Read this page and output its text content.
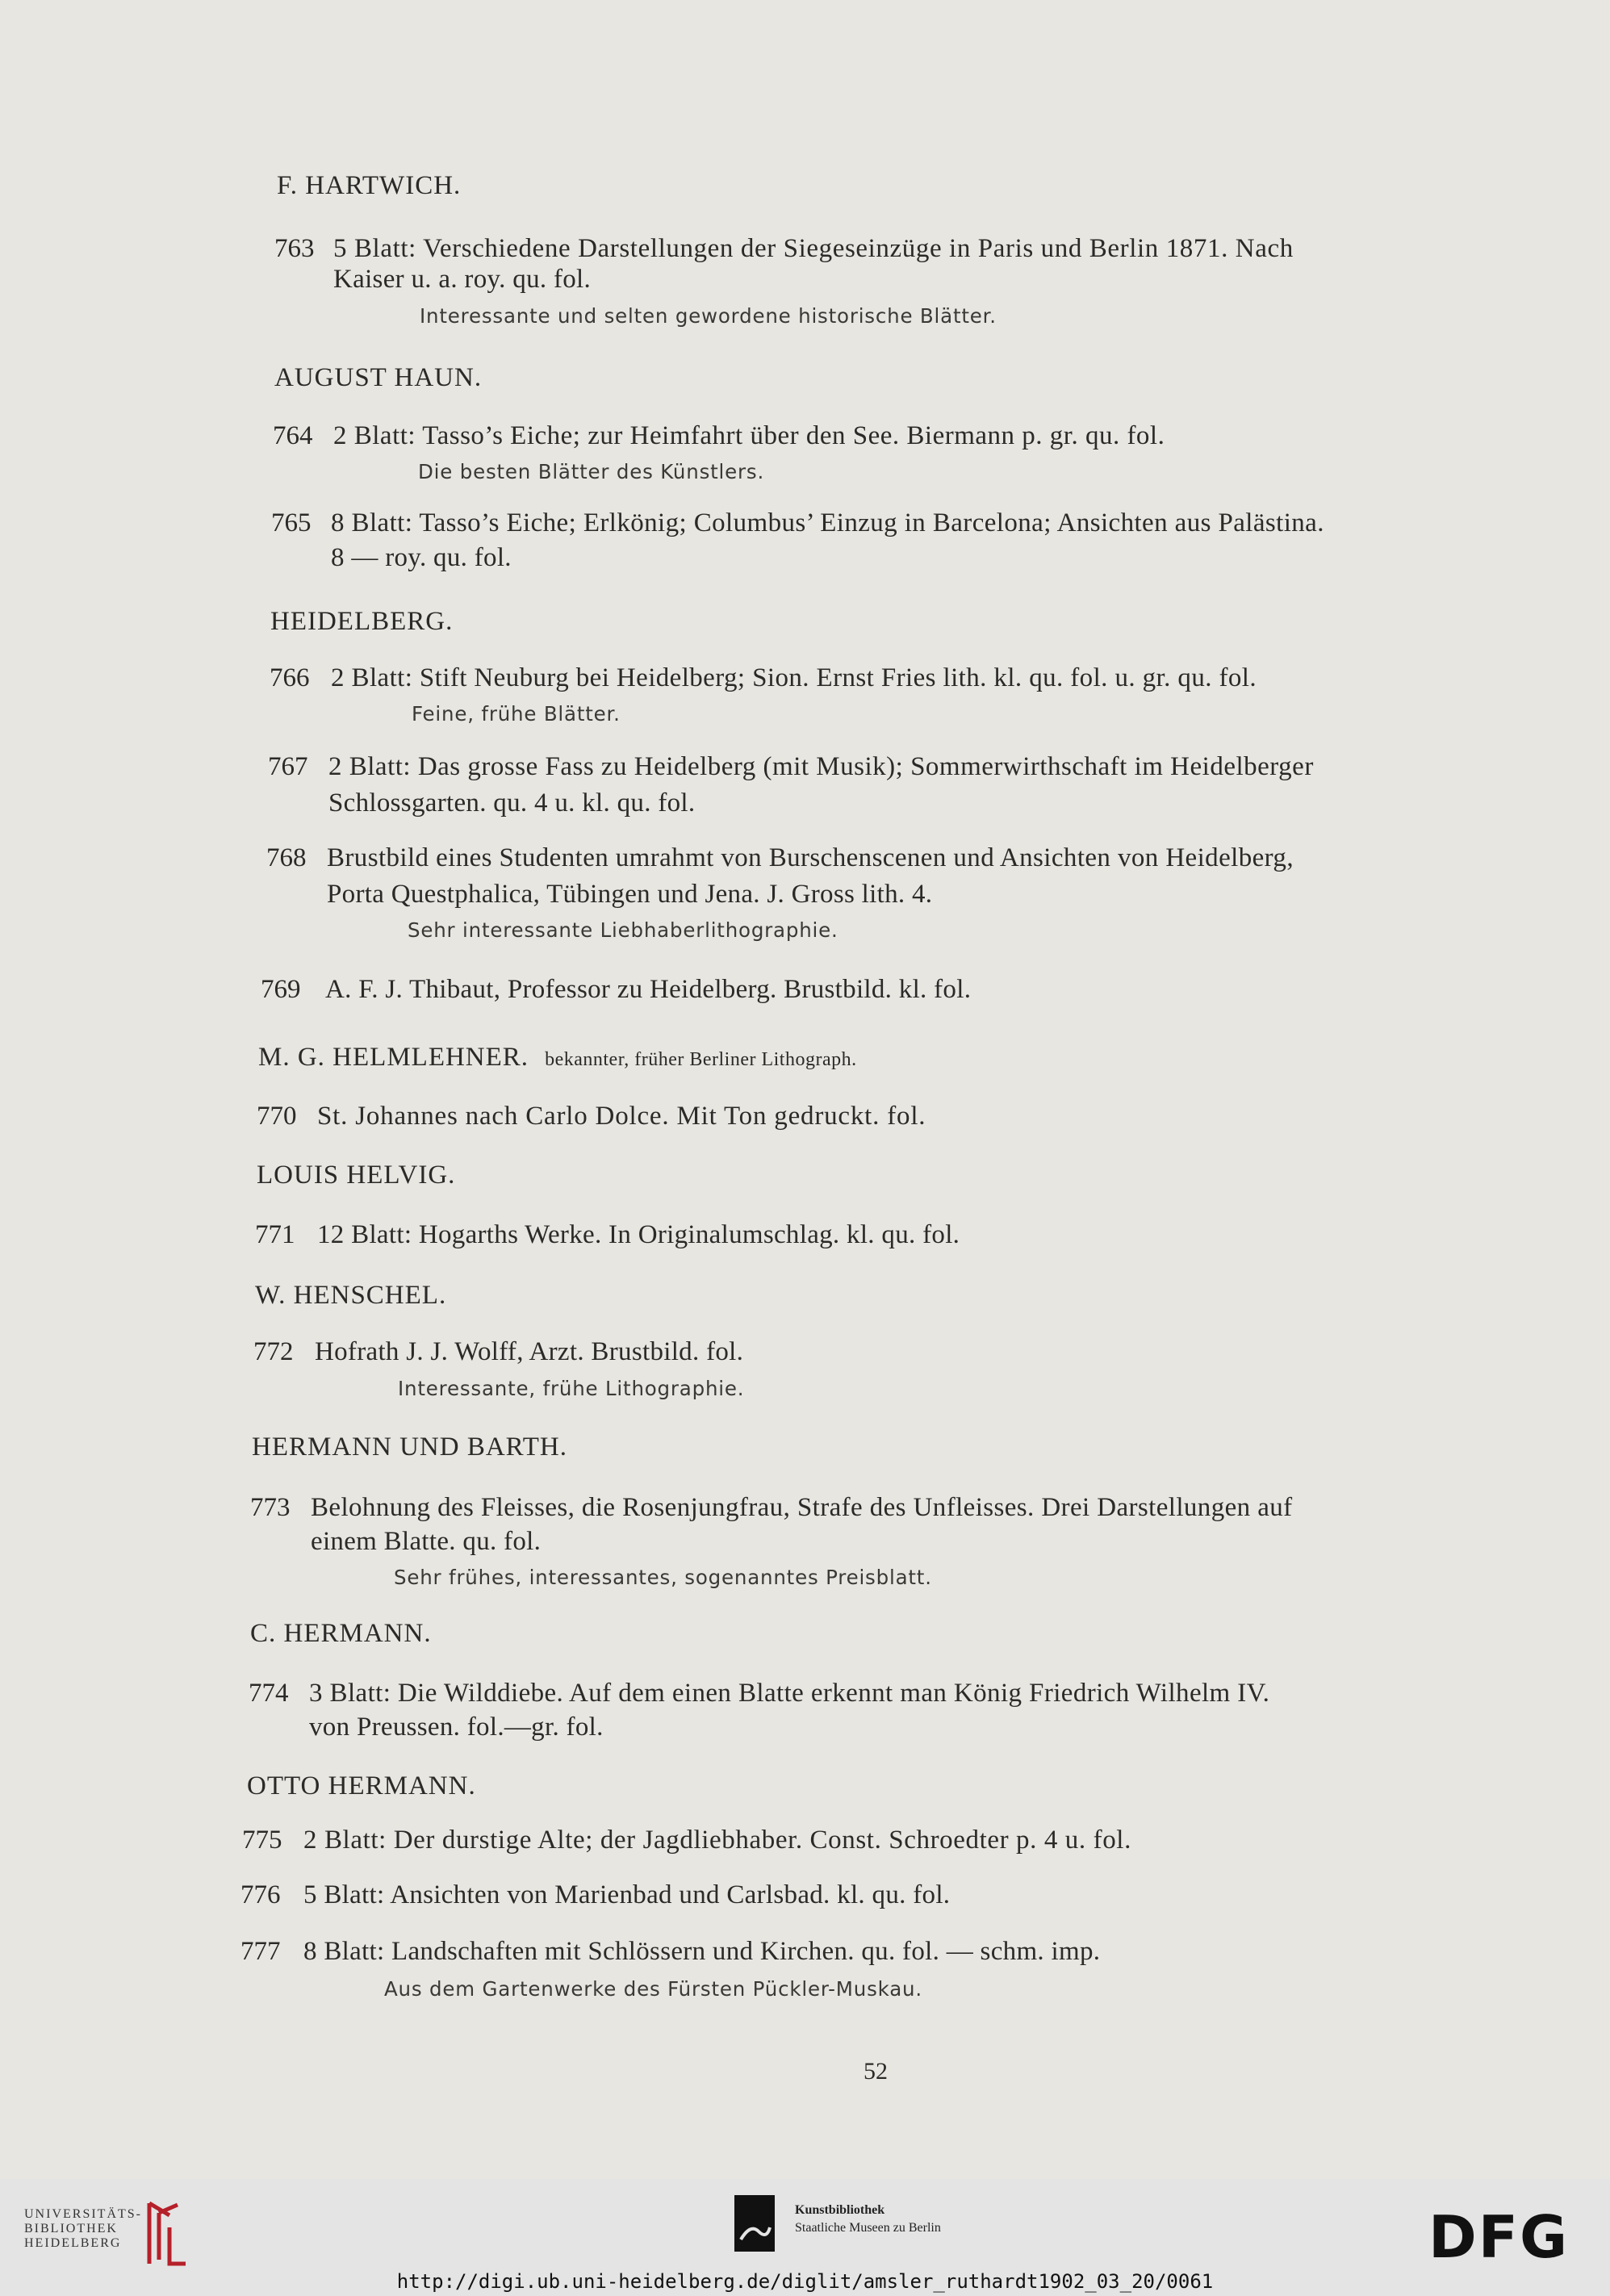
F. HARTWICH.
763 5 Blatt: Verschiedene Darstellungen der Siegeseinzüge in Paris und Berlin 1871. Nach
Kaiser u. a. roy. qu. fol.
Interessante und selten gewordene historische Blätter.
AUGUST HAUN.
764 2 Blatt: Tasso’s Eiche; zur Heimfahrt über den See. Biermann p. gr. qu. fol.
Die besten Blätter des Künstlers.
765 8 Blatt: Tasso’s Eiche; Erlkönig; Columbus’ Einzug in Barcelona; Ansichten aus Palästina.
8 — roy. qu. fol.
HEIDELBERG.
766 2 Blatt: Stift Neuburg bei Heidelberg; Sion. Ernst Fries lith. kl. qu. fol. u. gr. qu. fol.
Feine, frühe Blätter.
767 2 Blatt: Das grosse Fass zu Heidelberg (mit Musik); Sommerwirthschaft im Heidelberger
Schlossgarten. qu. 4 u. kl. qu. fol.
768 Brustbild eines Studenten umrahmt von Burschenscenen und Ansichten von Heidelberg,
Porta Questphalica, Tübingen und Jena. J. Gross lith. 4.
Sehr interessante Liebhaberlithographie.
769 A. F. J. Thibaut, Professor zu Heidelberg. Brustbild. kl. fol.
M. G. HELMLEHNER. bekannter, früher Berliner Lithograph.
770 St. Johannes nach Carlo Dolce. Mit Ton gedruckt. fol.
LOUIS HELVIG.
771 12 Blatt: Hogarths Werke. In Originalumschlag. kl. qu. fol.
W. HENSCHEL.
772 Hofrath J. J. Wolff, Arzt. Brustbild. fol.
Interessante, frühe Lithographie.
HERMANN UND BARTH.
773 Belohnung des Fleisses, die Rosenjungfrau, Strafe des Unfleisses. Drei Darstellungen auf
einem Blatte. qu. fol.
Sehr frühes, interessantes, sogenanntes Preisblatt.
C. HERMANN.
774 3 Blatt: Die Wilddiebe. Auf dem einen Blatte erkennt man König Friedrich Wilhelm IV.
von Preussen. fol.—gr. fol.
OTTO HERMANN.
775 2 Blatt: Der durstige Alte; der Jagdliebhaber. Const. Schroedter p. 4 u. fol.
776 5 Blatt: Ansichten von Marienbad und Carlsbad. kl. qu. fol.
777 8 Blatt: Landschaften mit Schlössern und Kirchen. qu. fol. — schm. imp.
Aus dem Gartenwerke des Fürsten Pückler-Muskau.
52
UNIVERSITÄTS-
BIBLIOTHEK
HEIDELBERG
Kunstbibliothek
Staatliche Museen zu Berlin	DFG
http://digi.ub.uni-heidelberg.de/diglit/amsler_ruthardt1902_03_20/0061
